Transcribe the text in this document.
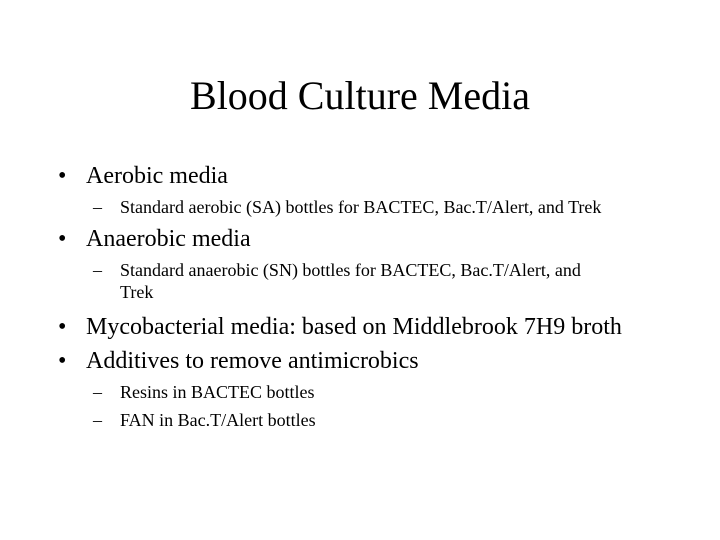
Blood Culture Media
• Aerobic media
– Standard aerobic (SA) bottles for BACTEC, Bac.T/Alert, and Trek
• Anaerobic media
– Standard anaerobic (SN) bottles for BACTEC, Bac.T/Alert, and
Trek
• Mycobacterial media: based on Middlebrook 7H9 broth
• Additives to remove antimicrobics
– Resins in BACTEC bottles
– FAN in Bac.T/Alert bottles
